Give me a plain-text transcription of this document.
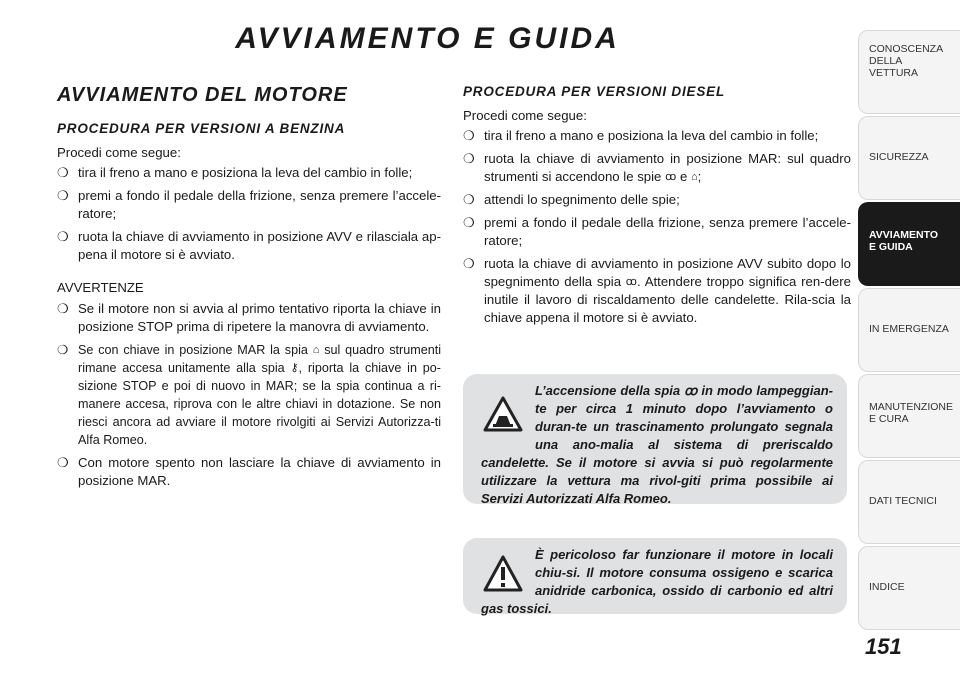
AVVIAMENTO E GUIDA
AVVIAMENTO DEL MOTORE
PROCEDURA PER VERSIONI A BENZINA

Procedi come segue:

❍ tira il freno a mano e posiziona la leva del cambio in folle;
❍ premi a fondo il pedale della frizione, senza premere l’accele-ratore;
❍ ruota la chiave di avviamento in posizione AVV e rilasciala ap-pena il motore si è avviato.

AVVERTENZE

❍ Se il motore non si avvia al primo tentativo riporta la chiave in posizione STOP prima di ripetere la manovra di avviamento.
❍ Se con chiave in posizione MAR la spia ⌂ sul quadro strumenti rimane accesa unitamente alla spia ⚷, riporta la chiave in po-sizione STOP e poi di nuovo in MAR; se la spia continua a ri-manere accesa, riprova con le altre chiavi in dotazione. Se non riesci ancora ad avviare il motore rivolgiti ai Servizi Autorizza-ti Alfa Romeo.
❍ Con motore spento non lasciare la chiave di avviamento in posizione MAR.
PROCEDURA PER VERSIONI DIESEL

Procedi come segue:

❍ tira il freno a mano e posiziona la leva del cambio in folle;
❍ ruota la chiave di avviamento in posizione MAR: sul quadro strumenti si accendono le spie ꝏ e ⌂;
❍ attendi lo spegnimento delle spie;
❍ premi a fondo il pedale della frizione, senza premere l’accele-ratore;
❍ ruota la chiave di avviamento in posizione AVV subito dopo lo spegnimento della spia ꝏ. Attendere troppo significa ren-dere inutile il lavoro di riscaldamento delle candelette. Rila-scia la chiave appena il motore si è avviato.
L’accensione della spia ꝏ in modo lampeggian-te per circa 1 minuto dopo l’avviamento o duran-te un trascinamento prolungato segnala una ano-malia al sistema di preriscaldo candelette. Se il motore si avvia si può regolarmente utilizzare la vettura ma rivol-giti prima possibile ai Servizi Autorizzati Alfa Romeo.
È pericoloso far funzionare il motore in locali chiu-si. Il motore consuma ossigeno e scarica anidride carbonica, ossido di carbonio ed altri gas tossici.
CONOSCENZA DELLA VETTURA
SICUREZZA
AVVIAMENTO E GUIDA
IN EMERGENZA
MANUTENZIONE E CURA
DATI TECNICI
INDICE
151
